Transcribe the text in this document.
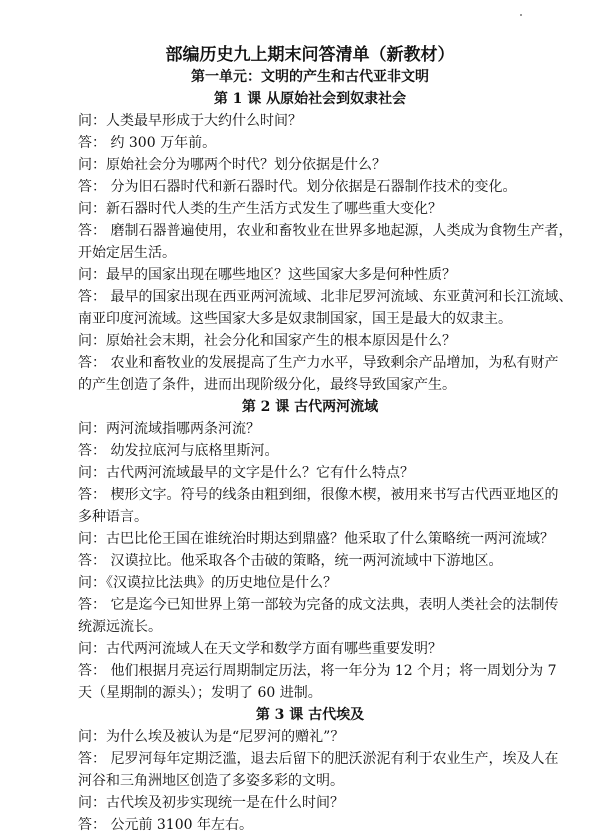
部编历史九上期末问答清单（新教材）
第一单元：文明的产生和古代亚非文明
第 1 课 从原始社会到奴隶社会

问：人类最早形成于大约什么时间？

答： 约 300 万年前。

问：原始社会分为哪两个时代？划分依据是什么？

答： 分为旧石器时代和新石器时代。划分依据是石器制作技术的变化。

问：新石器时代人类的生产生活方式发生了哪些重大变化？

答： 磨制石器普遍使用，农业和畜牧业在世界多地起源，人类成为食物生产者，

开始定居生活。

问：最早的国家出现在哪些地区？这些国家大多是何种性质？

答： 最早的国家出现在西亚两河流域、北非尼罗河流域、东亚黄河和长江流域、

南亚印度河流域。这些国家大多是奴隶制国家，国王是最大的奴隶主。

问：原始社会末期，社会分化和国家产生的根本原因是什么？

答： 农业和畜牧业的发展提高了生产力水平，导致剩余产品增加，为私有财产

的产生创造了条件，进而出现阶级分化，最终导致国家产生。

第 2 课 古代两河流域

问：两河流域指哪两条河流？

答： 幼发拉底河与底格里斯河。

问：古代两河流域最早的文字是什么？它有什么特点？

答： 楔形文字。符号的线条由粗到细，很像木楔，被用来书写古代西亚地区的

多种语言。

问：古巴比伦王国在谁统治时期达到鼎盛？他采取了什么策略统一两河流域？

答： 汉谟拉比。他采取各个击破的策略，统一两河流域中下游地区。

问：《汉谟拉比法典》的历史地位是什么？

答： 它是迄今已知世界上第一部较为完备的成文法典，表明人类社会的法制传

统源远流长。

问：古代两河流域人在天文学和数学方面有哪些重要发明？

答： 他们根据月亮运行周期制定历法，将一年分为 12 个月；将一周划分为 7

天（星期制的源头）；发明了 60 进制。

第 3 课 古代埃及

问：为什么埃及被认为是“尼罗河的赠礼”？

答： 尼罗河每年定期泛滥，退去后留下的肥沃淤泥有利于农业生产，埃及人在

河谷和三角洲地区创造了多姿多彩的文明。

问：古代埃及初步实现统一是在什么时间？

答： 公元前 3100 年左右。
